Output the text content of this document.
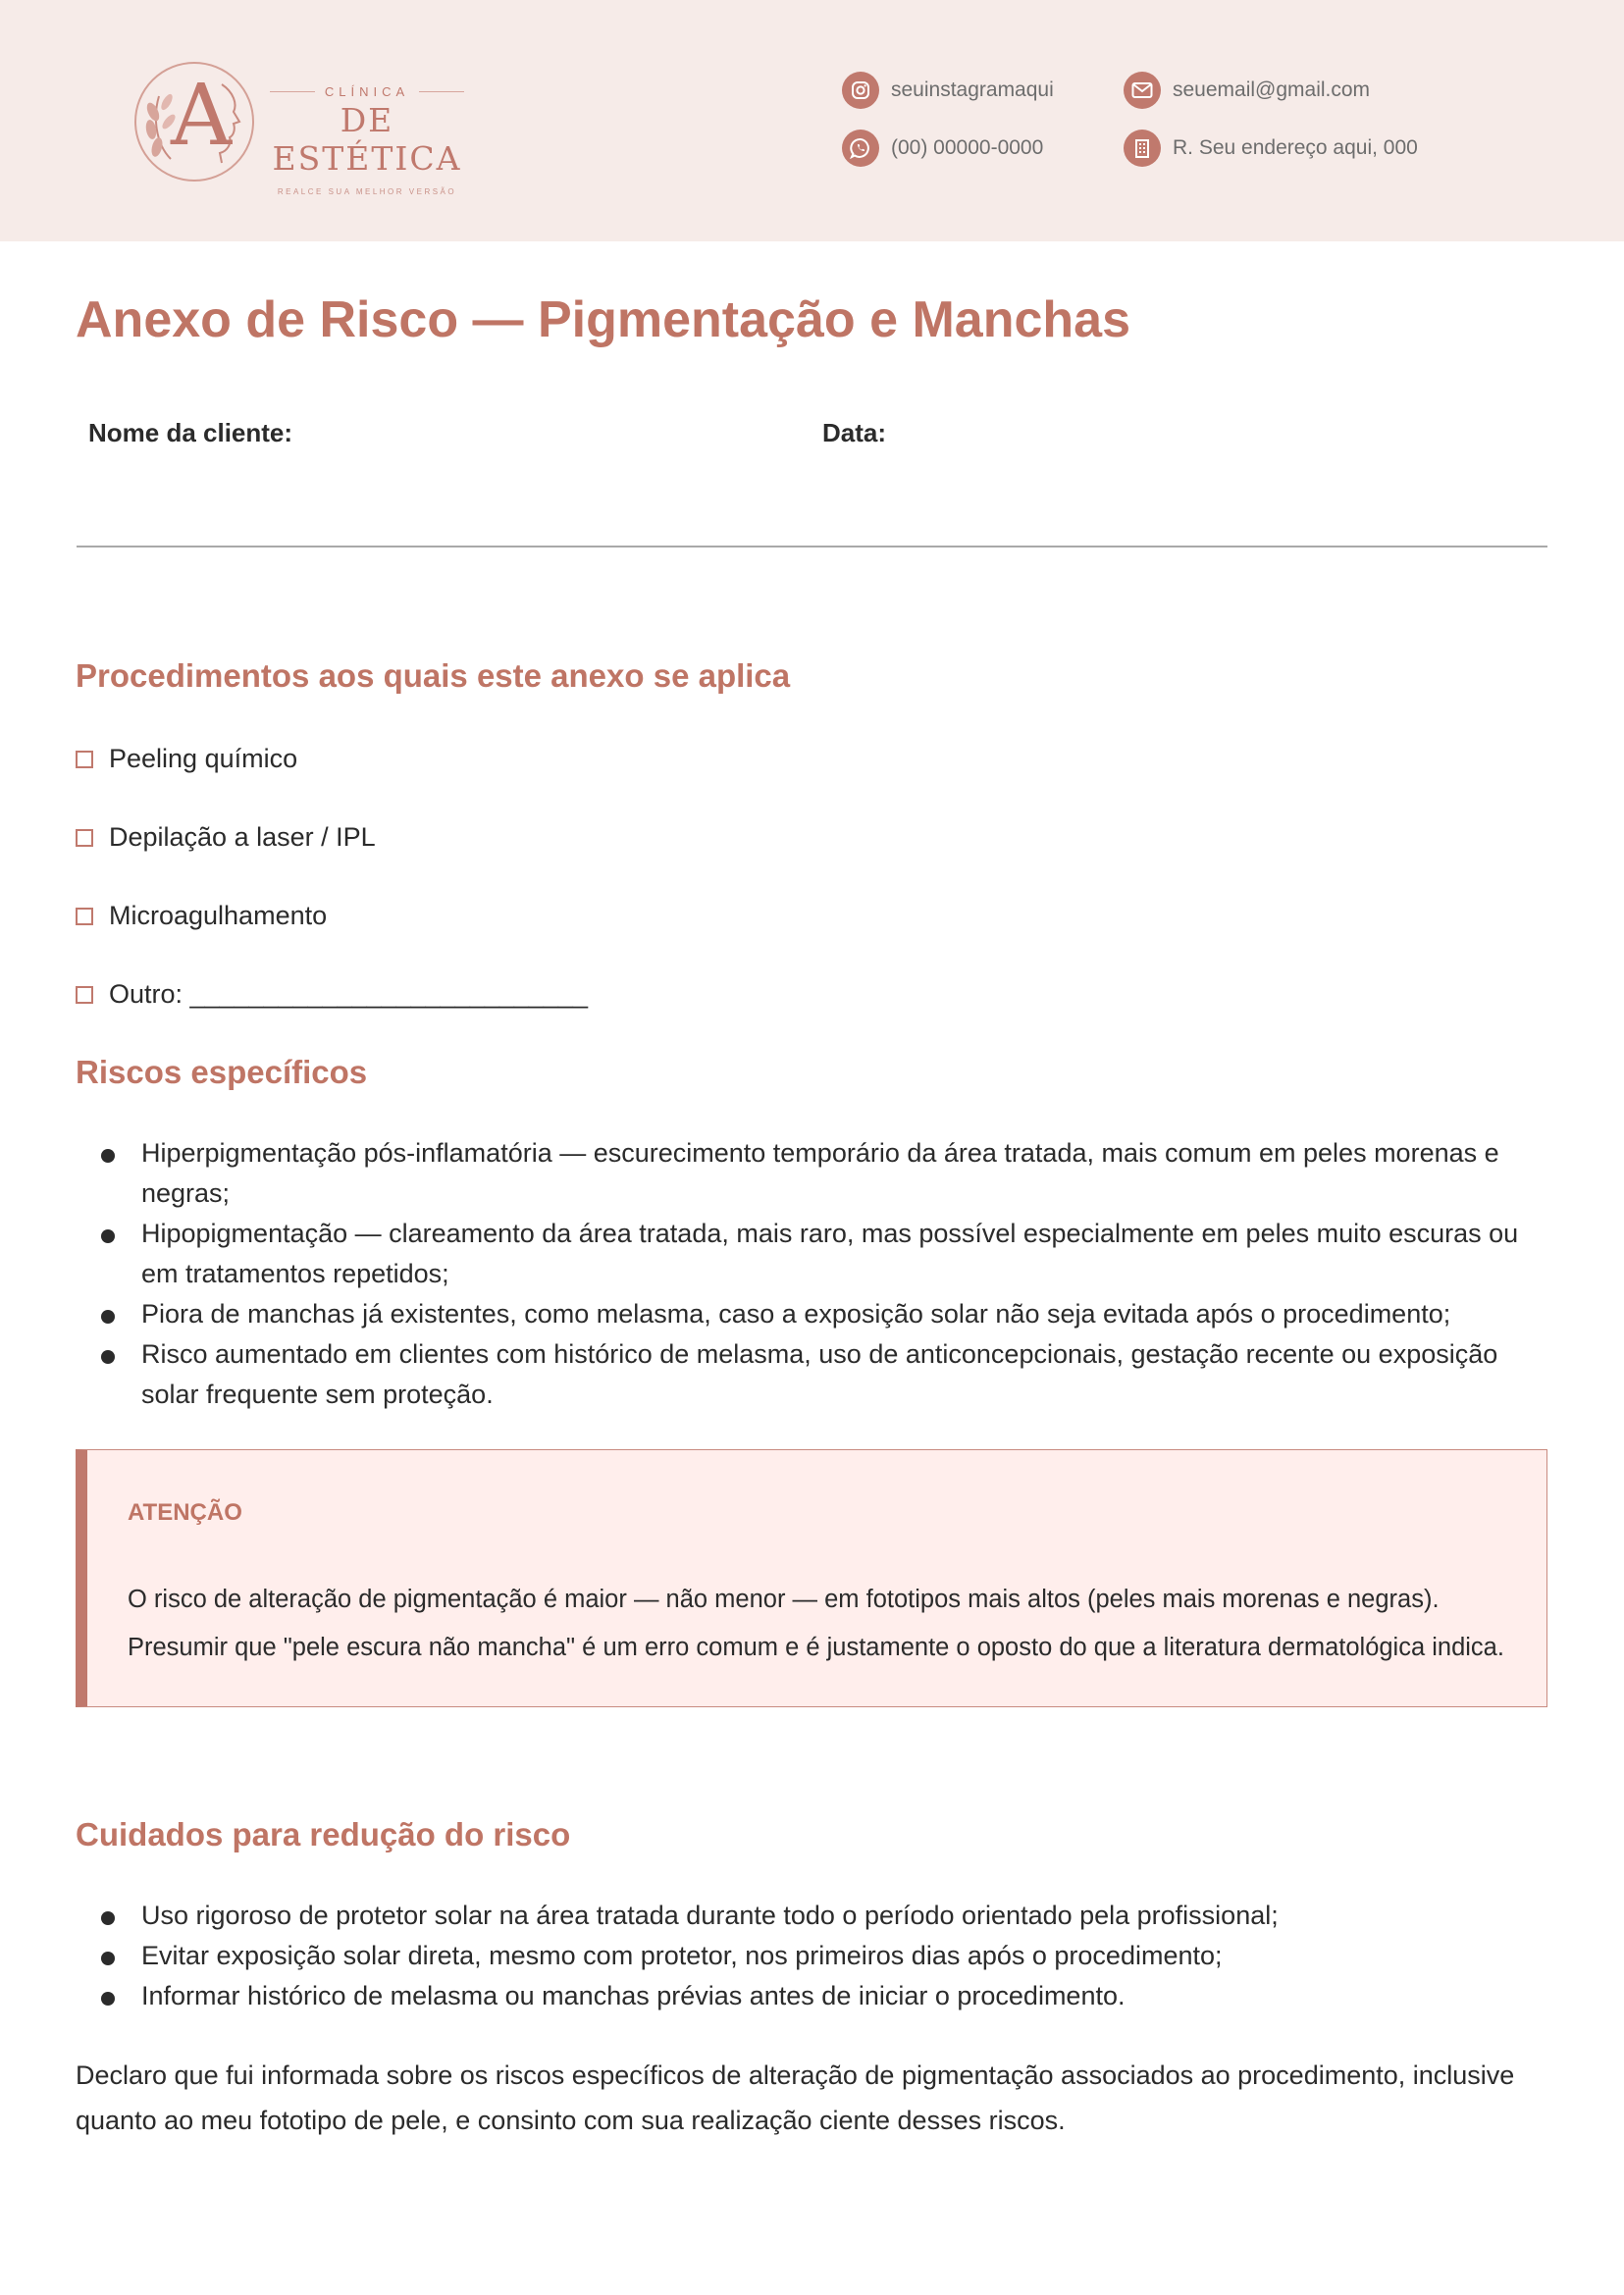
A	CLÍNICA
DE ESTÉTICA
REALCE SUA MELHOR VERSÃO
seuinstagramaqui	seuemail@gmail.com
(00) 00000-0000	R. Seu endereço aqui, 000
Anexo de Risco — Pigmentação e Manchas
Nome da cliente:	Data:
Procedimentos aos quais este anexo se aplica
Peeling químico
Depilação a laser / IPL
Microagulhamento
Outro: ___________________________
Riscos específicos
Hiperpigmentação pós-inflamatória — escurecimento temporário da área tratada, mais comum em peles morenas e negras;
Hipopigmentação — clareamento da área tratada, mais raro, mas possível especialmente em peles muito escuras ou em tratamentos repetidos;
Piora de manchas já existentes, como melasma, caso a exposição solar não seja evitada após o procedimento;
Risco aumentado em clientes com histórico de melasma, uso de anticoncepcionais, gestação recente ou exposição solar frequente sem proteção.
ATENÇÃO
O risco de alteração de pigmentação é maior — não menor — em fototipos mais altos (peles mais morenas e negras).
Presumir que "pele escura não mancha" é um erro comum e é justamente o oposto do que a literatura dermatológica indica.
Cuidados para redução do risco
Uso rigoroso de protetor solar na área tratada durante todo o período orientado pela profissional;
Evitar exposição solar direta, mesmo com protetor, nos primeiros dias após o procedimento;
Informar histórico de melasma ou manchas prévias antes de iniciar o procedimento.

Declaro que fui informada sobre os riscos específicos de alteração de pigmentação associados ao procedimento, inclusive quanto ao meu fototipo de pele, e consinto com sua realização ciente desses riscos.
